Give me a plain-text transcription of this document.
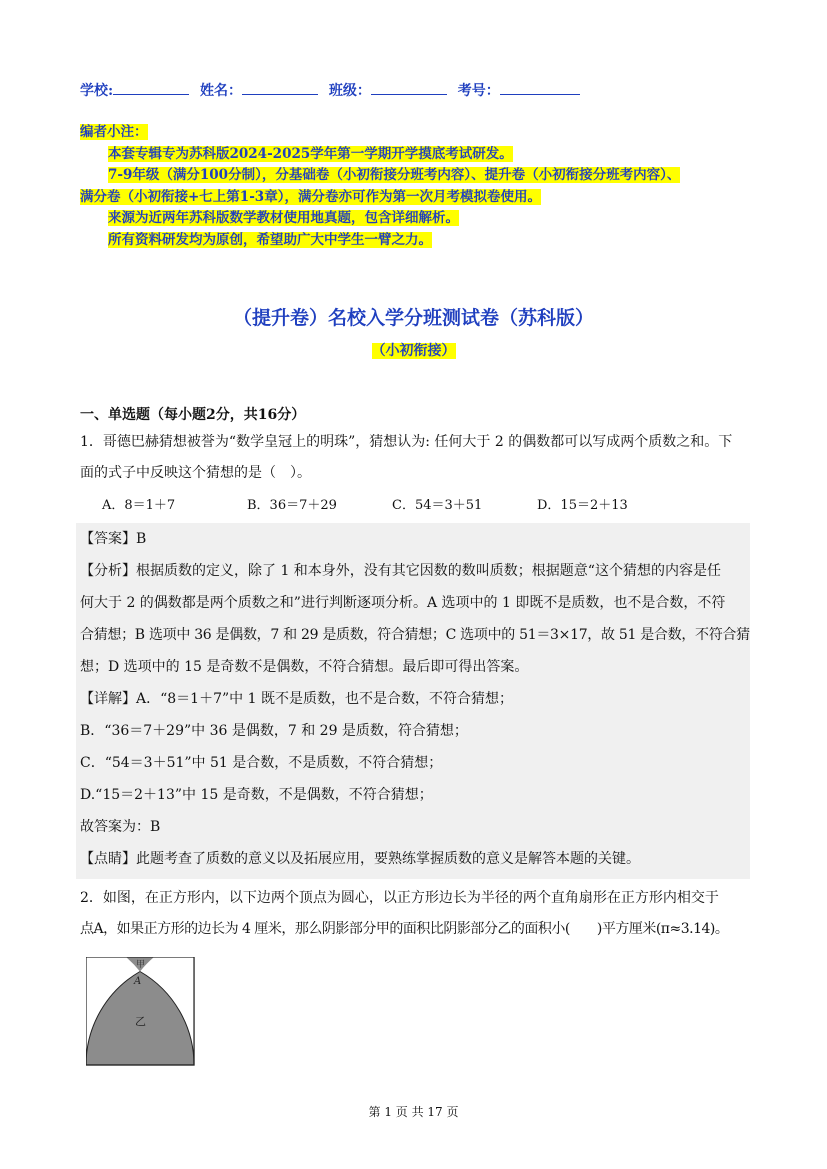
学校:	姓名：	班级：	考号：

编者小注：

本套专辑专为苏科版2024-2025学年第一学期开学摸底考试研发。

7-9年级（满分100分制），分基础卷（小初衔接分班考内容）、提升卷（小初衔接分班考内容）、

满分卷（小初衔接+七上第1-3章），满分卷亦可作为第一次月考模拟卷使用。

来源为近两年苏科版数学教材使用地真题，包含详细解析。

所有资料研发均为原创，希望助广大中学生一臂之力。

（提升卷）名校入学分班测试卷（苏科版）
（小初衔接）
一、单选题（每小题2分，共16分）
1．哥德巴赫猜想被誉为“数学皇冠上的明珠”，猜想认为: 任何大于 2 的偶数都可以写成两个质数之和。下
面的式子中反映这个猜想的是（　）。
A．8＝1＋7	B．36＝7＋29	C．54＝3＋51	D．15＝2＋13

【答案】B

【分析】根据质数的定义，除了 1 和本身外，没有其它因数的数叫质数；根据题意“这个猜想的内容是任

何大于 2 的偶数都是两个质数之和”进行判断逐项分析。A 选项中的 1 即既不是质数，也不是合数，不符

合猜想；B 选项中 36 是偶数，7 和 29 是质数，符合猜想；C 选项中的 51＝3×17，故 51 是合数，不符合猜

想；D 选项中的 15 是奇数不是偶数，不符合猜想。最后即可得出答案。

【详解】A．“8＝1＋7”中 1 既不是质数，也不是合数，不符合猜想；

B．“36＝7＋29”中 36 是偶数，7 和 29 是质数，符合猜想；

C．“54＝3＋51”中 51 是合数，不是质数，不符合猜想；

D.“15＝2＋13”中 15 是奇数，不是偶数，不符合猜想；

故答案为：B

【点睛】此题考查了质数的意义以及拓展应用，要熟练掌握质数的意义是解答本题的关键。

2．如图，在正方形内，以下边两个顶点为圆心，以正方形边长为半径的两个直角扇形在正方形内相交于
点A，如果正方形的边长为 4 厘米，那么阴影部分甲的面积比阴影部分乙的面积小(　　)平方厘米(π≈3.14)。
甲
A
乙
第 1 页 共 17 页
